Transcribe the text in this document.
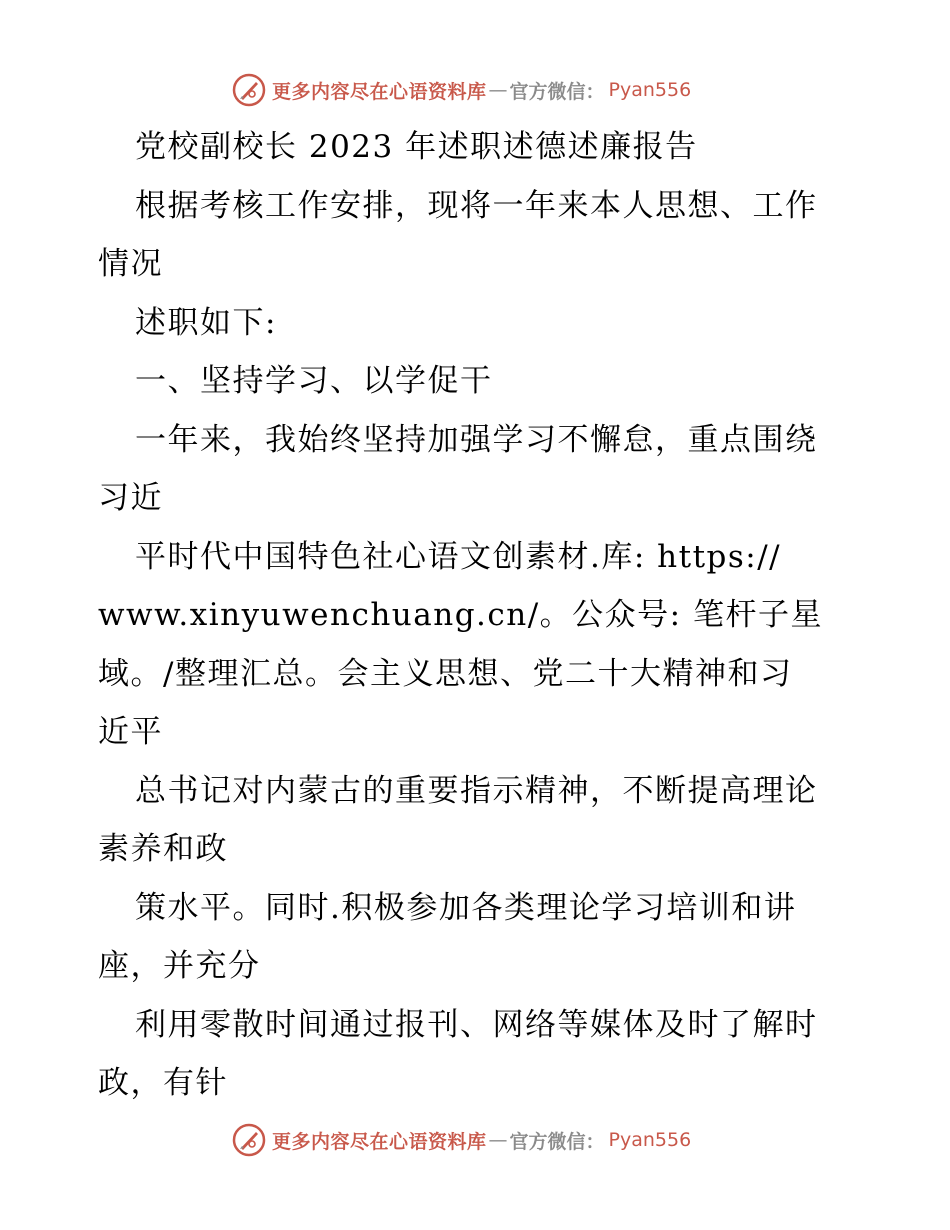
更多内容尽在心语资料库 — 官方微信： Pyan556
党校副校长 2023 年述职述德述廉报告
根据考核工作安排，现将一年来本人思想、工作
情况
述职如下:
一、坚持学习、以学促干
一年来，我始终坚持加强学习不懈怠，重点围绕
习近
平时代中国特色社心语文创素材.库: https://
www.xinyuwenchuang.cn/。公众号: 笔杆子星
域。/整理汇总。会主义思想、党二十大精神和习
近平
总书记对内蒙古的重要指示精神，不断提高理论
素养和政
策水平。同时.积极参加各类理论学习培训和讲
座，并充分
利用零散时间通过报刊、网络等媒体及时了解时
政，有针
更多内容尽在心语资料库 — 官方微信： Pyan556
